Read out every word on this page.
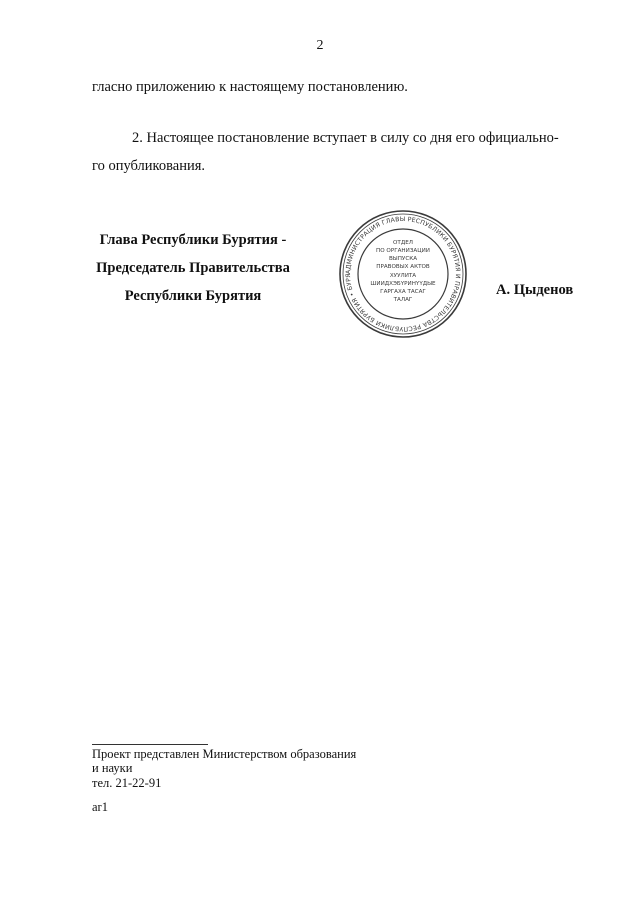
2
гласно приложению к настоящему постановлению.
2. Настоящее постановление вступает в силу со дня его официально-
го опубликования.
Глава Республики Бурятия -
Председатель Правительства
Республики Бурятия
АДМИНИСТРАЦИЯ ГЛАВЫ РЕСПУБЛИКИ БУРЯТИЯ И ПРАВИТЕЛЬСТВА РЕСПУБЛИКИ БУРЯТИЯ • БУРЯ
ОТДЕЛ
ПО ОРГАНИЗАЦИИ
ВЫПУСКА
ПРАВОВЫХ АКТОВ
ХУУЛИТА
ШИИДХЭБҮРИНҮҮДЫЕ
ГАРГАХА ТАСАГ
ТАЛАГ
А. Цыденов
Проект представлен Министерством образования
и науки
тел. 21-22-91
ar1
